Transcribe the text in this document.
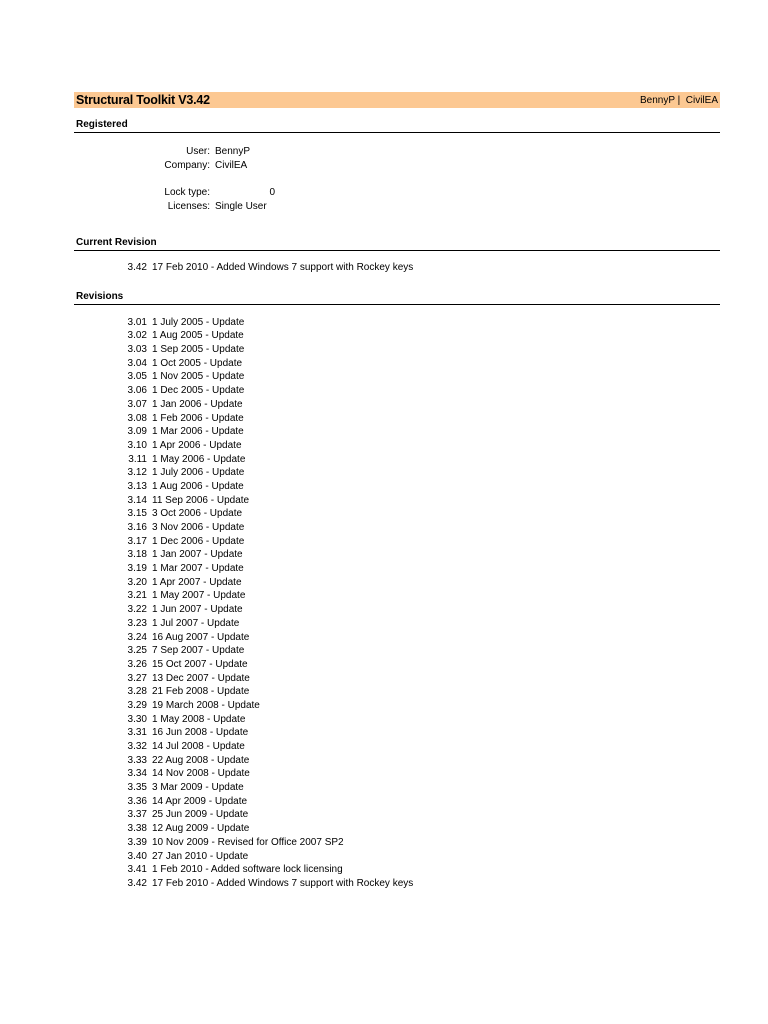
Structural Toolkit V3.42	BennyP |  CivilEA
Registered
User: BennyP
Company: CivilEA
Lock type:	0
Licenses: Single User
Current Revision
3.42 17 Feb 2010 - Added Windows 7 support with Rockey keys
Revisions
3.01 1 July 2005 - Update
3.02 1 Aug 2005 - Update
3.03 1 Sep 2005 - Update
3.04 1 Oct 2005 - Update
3.05 1 Nov 2005 - Update
3.06 1 Dec 2005 - Update
3.07 1 Jan 2006 - Update
3.08 1 Feb 2006 - Update
3.09 1 Mar 2006 - Update
3.10 1 Apr 2006 - Update
3.11 1 May 2006 - Update
3.12 1 July 2006 - Update
3.13 1 Aug 2006 - Update
3.14 11 Sep 2006 - Update
3.15 3 Oct 2006 - Update
3.16 3 Nov 2006 - Update
3.17 1 Dec 2006 - Update
3.18 1 Jan 2007 - Update
3.19 1 Mar 2007 - Update
3.20 1 Apr 2007 - Update
3.21 1 May 2007 - Update
3.22 1 Jun 2007 - Update
3.23 1 Jul 2007 - Update
3.24 16 Aug 2007 - Update
3.25 7 Sep 2007 - Update
3.26 15 Oct 2007 - Update
3.27 13 Dec 2007 - Update
3.28 21 Feb 2008 - Update
3.29 19 March 2008 - Update
3.30 1 May 2008 - Update
3.31 16 Jun 2008 - Update
3.32 14 Jul 2008 - Update
3.33 22 Aug 2008 - Update
3.34 14 Nov 2008 - Update
3.35 3 Mar 2009 - Update
3.36 14 Apr 2009 - Update
3.37 25 Jun 2009 - Update
3.38 12 Aug 2009 - Update
3.39 10 Nov 2009 - Revised for Office 2007 SP2
3.40 27 Jan 2010 - Update
3.41 1 Feb 2010 - Added software lock licensing
3.42 17 Feb 2010 - Added Windows 7 support with Rockey keys
